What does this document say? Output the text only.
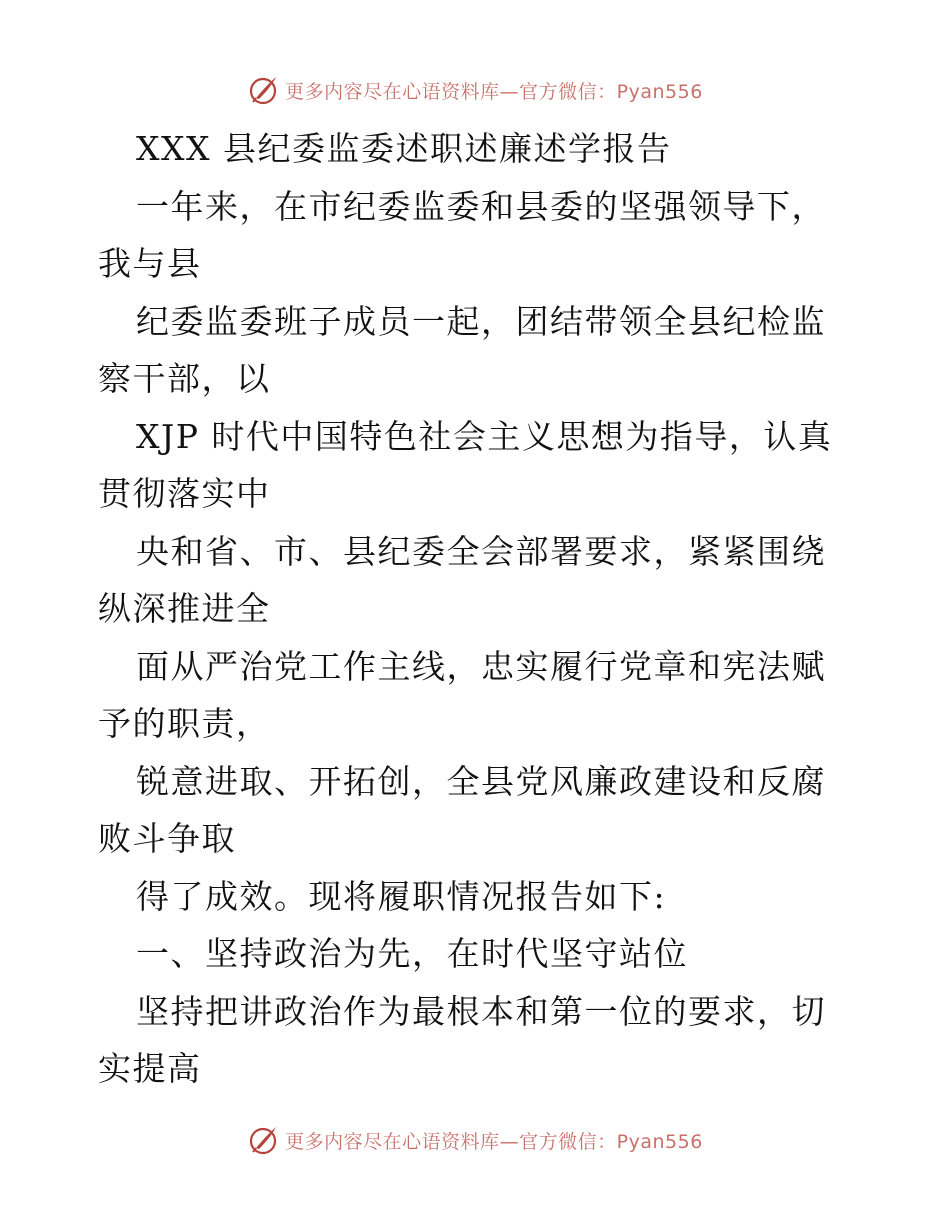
更多内容尽在心语资料库—官方微信：Pyan556

XXX 县纪委监委述职述廉述学报告

一年来，在市纪委监委和县委的坚强领导下，我与县

纪委监委班子成员一起，团结带领全县纪检监察干部，以

XJP 时代中国特色社会主义思想为指导，认真贯彻落实中

央和省、市、县纪委全会部署要求，紧紧围绕纵深推进全

面从严治党工作主线，忠实履行党章和宪法赋予的职责，

锐意进取、开拓创，全县党风廉政建设和反腐败斗争取

得了成效。现将履职情况报告如下:

一、坚持政治为先，在时代坚守站位

坚持把讲政治作为最根本和第一位的要求，切实提高

更多内容尽在心语资料库—官方微信：Pyan556
